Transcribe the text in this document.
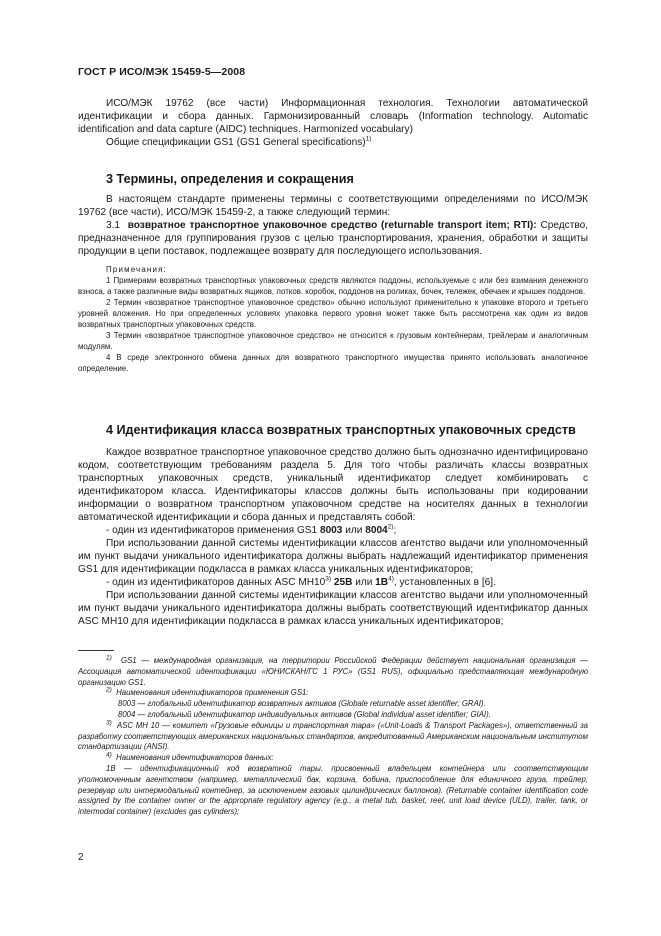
ГОСТ Р ИСО/МЭК 15459-5—2008

ИСО/МЭК 19762 (все части) Информационная технология. Технологии автоматической идентификации и сбора данных. Гармонизированный словарь (Information technology. Automatic identification and data capture (AIDC) techniques. Harmonized vocabulary)

Общие спецификации GS1 (GS1 General specifications)$^{1)}$

3 Термины, определения и сокращения

В настоящем стандарте применены термины с соответствующими определениями по ИСО/МЭК 19762 (все части), ИСО/МЭК 15459-2, а также следующий термин:

3.1 возвратное транспортное упаковочное средство (returnable transport item; RTI): Средство, предназначенное для группирования грузов с целью транспортирования, хранения, обработки и защиты продукции в цепи поставок, подлежащее возврату для последующего использования.

Примечания:

1 Примерами возвратных транспортных упаковочных средств являются поддоны, используемые с или без взимания денежного взноса, а также различные виды возвратных ящиков, лотков. коробок, поддонов на роликах, бочек, тележек, обечаек и крышек поддонов.

2 Термин «возвратное транспортное упаковочное средство» обычно используют применительно к упаковке второго и третьего уровней вложения. Но при определенных условиях упаковка первого уровня может также быть рассмотрена как один из видов возвратных транспортных упаковочных средств.

3 Термин «возвратное транспортное упаковочное средство» не относится к грузовым контейнерам, трейлерам и аналогичным модулям.

4 В среде электронного обмена данных для возвратного транспортного имущества принято использовать аналогичное определение.

4 Идентификация класса возвратных транспортных упаковочных средств

Каждое возвратное транспортное упаковочное средство должно быть однозначно идентифицировано кодом, соответствующим требованиям раздела 5. Для того чтобы различать классы возвратных транспортных упаковочных средств, уникальный идентификатор следует комбинировать с идентификатором класса. Идентификаторы классов должны быть использованы при кодировании информации о возвратном транспортном упаковочном средстве на носителях данных в технологии автоматической идентификации и сбора данных и представлять собой:

- один из идентификаторов применения GS1 8003 или 8004$^{2)}$;

При использовании данной системы идентификации классов агентство выдачи или уполномоченный им пункт выдачи уникального идентификатора должны выбрать надлежащий идентификатор применения GS1 для идентификации подкласса в рамках класса уникальных идентификаторов;

- один из идентификаторов данных ASC MH10$^{3)}$ 25B или $1B^{4)}$, установленных в [6].

При использовании данной системы идентификации классов агентство выдачи или уполномоченный им пункт выдачи уникального идентификатора должны выбрать соответствующий идентификатор данных ASC MH10 для идентификации подкласса в рамках класса уникальных идентификаторов;

$^{1)}$ GS1 — международная организация, на территории Российской Федерации действует национальная организация — Ассоциация автоматической идентификации «ЮНИСКАН/ГС 1 РУС» (GS1 RUS), официально представляющая международную организацию GS1.

$^{2)}$ Наименования идентификаторов применения GS1:

8003 — глобальный идентификатор возвратных активов (Globale returnable asset identifier; GRAI).

8004 — глобальный идентификатор индивидуальных активов (Global individual asset identifier; GIAI).

$^{3)}$ ASC MH 10 — комитет «Грузовые единицы и транспортная тара» («Unit-Loads & Transport Packages»), ответственный за разработку соответствующих американских национальных стандартов, аккредитованный Американским национальным институтом стандартизации (ANSI).

$^{4)}$ Наименования идентификаторов данных:

1B — идентификационный код возвратной тары. присвоенный владельцем контейнера или соответствующим уполномоченным агентством (например, металлический бак, корзина, бобина, приспособление для единичного груза, трейлер, резервуар или интермодальный контейнер, за исключением газовых цилиндрических баллонов). (Returnable container identification code assigned by the container owner or the appropnate regulatory agency (e.g., a metal tub, basket, reel, unit load device (ULD), trailer, tank, or intermodal container) (excludes gas cylinders);

2
